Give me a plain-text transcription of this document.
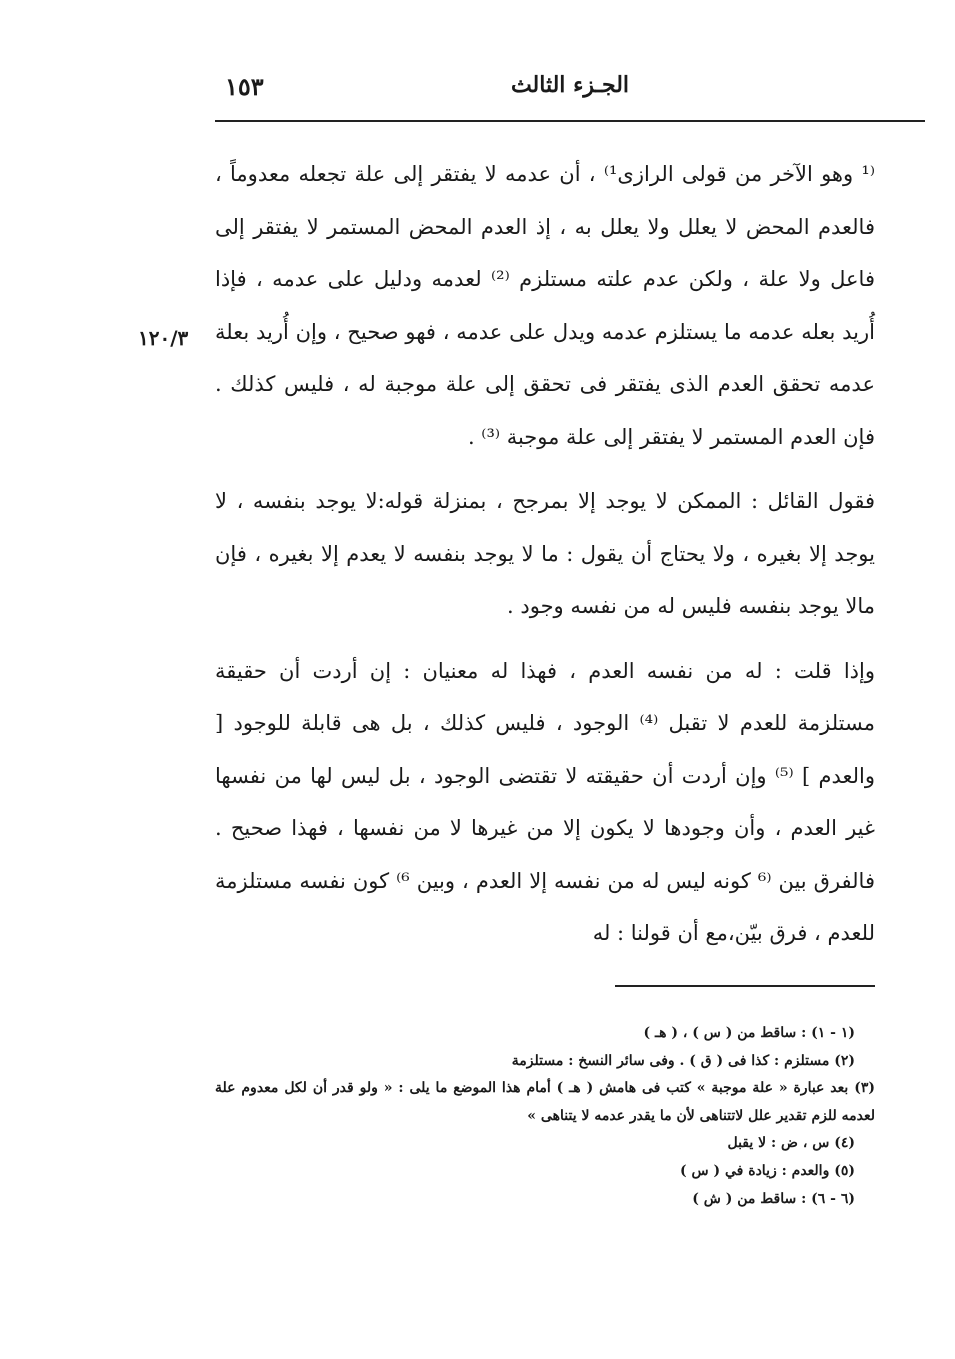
١٥٣	الجـزء الثالث
١٢٠/٣

⁽¹ وهو الآخر من قولى الرازى¹⁾ ، أن عدمه لا يفتقر إلى علة تجعله معدوماً ، فالعدم المحض لا يعلل ولا يعلل به ، إذ العدم المحض المستمر لا يفتقر إلى فاعل ولا علة ، ولكن عدم علته مستلزم ⁽²⁾ لعدمه ودليل على عدمه ، فإذا أُريد بعله عدمه ما يستلزم عدمه ويدل على عدمه ، فهو صحيح ، وإن أُريد بعلة عدمه تحقق العدم الذى يفتقر فى تحقق إلى علة موجبة له ، فليس كذلك . فإن العدم المستمر لا يفتقر إلى علة موجبة ⁽³⁾ .

فقول القائل : الممكن لا يوجد إلا بمرجح ، بمنزلة قوله:لا يوجد بنفسه ، لا يوجد إلا بغيره ، ولا يحتاج أن يقول : ما لا يوجد بنفسه لا يعدم إلا بغيره ، فإن مالا يوجد بنفسه فليس له من نفسه وجود .

وإذا قلت : له من نفسه العدم ، فهذا له معنيان : إن أردت أن حقيقة مستلزمة للعدم لا تقبل ⁽⁴⁾ الوجود ، فليس كذلك ، بل هى قابلة للوجود [ والعدم ] ⁽⁵⁾ وإن أردت أن حقيقته لا تقتضى الوجود ، بل ليس لها من نفسها غير العدم ، وأن وجودها لا يكون إلا من غيرها لا من نفسها ، فهذا صحيح . فالفرق بين ⁽⁶ كونه ليس له من نفسه إلا العدم ، وبين ⁶⁾ كون نفسه مستلزمة للعدم ، فرق بيّن،مع أن قولنا : له

(١ - ١) : ساقط من ( س ) ، ( هـ )
(٢) مستلزم : كذا فى ( ق ) . وفى سائر النسخ : مستلزمة
(٣) بعد عبارة « علة موجبة » كتب فى هامش ( هـ ) أمام هذا الموضع ما يلى : « ولو قدر أن لكل معدوم علة لعدمه للزم تقدير علل لاتتناهى لأن ما يقدر عدمه لا يتناهى »
(٤) س ، ض : لا يقبل
(٥) والعدم : زيادة في ( س )
(٦ - ٦) : ساقط من ( ش )
